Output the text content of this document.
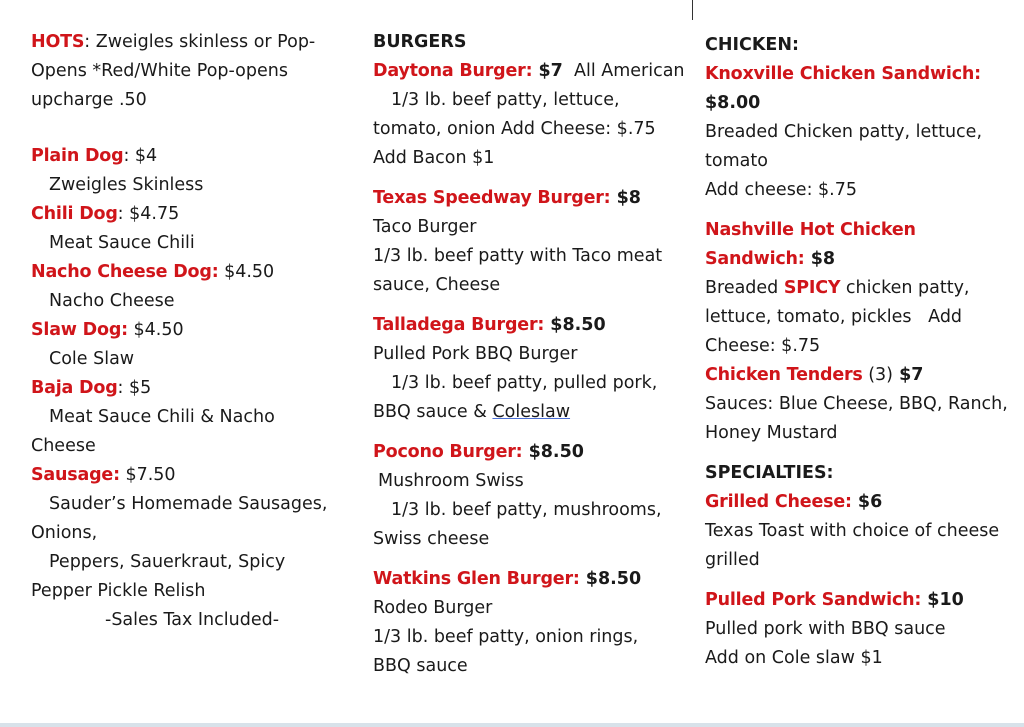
HOTS: Zweigles skinless or Pop-Opens *Red/White Pop-opens upcharge .50

Plain Dog: $4

Zweigles Skinless

Chili Dog: $4.75

Meat Sauce Chili

Nacho Cheese Dog: $4.50

Nacho Cheese

Slaw Dog: $4.50

Cole Slaw

Baja Dog: $5

Meat Sauce Chili & Nacho

Cheese

Sausage: $7.50

Sauder’s Homemade Sausages,

Onions,

Peppers, Sauerkraut, Spicy

Pepper Pickle Relish

-Sales Tax Included-

BURGERS

Daytona Burger: $7  All American

1/3 lb. beef patty, lettuce,

tomato, onion Add Cheese: $.75

Add Bacon $1

Texas Speedway Burger: $8

Taco Burger

1/3 lb. beef patty with Taco meat

sauce, Cheese

Talladega Burger: $8.50

Pulled Pork BBQ Burger

1/3 lb. beef patty, pulled pork,

BBQ sauce & Coleslaw

Pocono Burger: $8.50

Mushroom Swiss

1/3 lb. beef patty, mushrooms,

Swiss cheese

Watkins Glen Burger: $8.50

Rodeo Burger

1/3 lb. beef patty, onion rings,

BBQ sauce

CHICKEN:

Knoxville Chicken Sandwich:

$8.00

Breaded Chicken patty, lettuce,

tomato

Add cheese: $.75

Nashville Hot Chicken

Sandwich: $8

Breaded SPICY chicken patty,

lettuce, tomato, pickles   Add

Cheese: $.75

Chicken Tenders (3) $7

Sauces: Blue Cheese, BBQ, Ranch,

Honey Mustard

SPECIALTIES:

Grilled Cheese: $6

Texas Toast with choice of cheese

grilled

Pulled Pork Sandwich: $10

Pulled pork with BBQ sauce

Add on Cole slaw $1
